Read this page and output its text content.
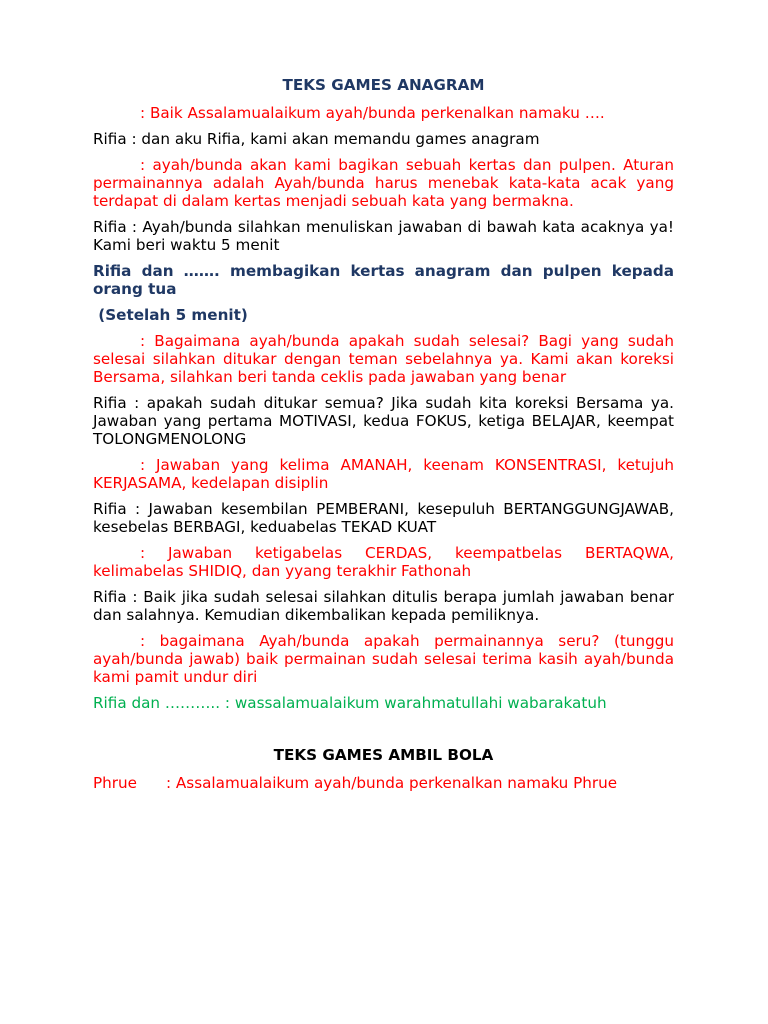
TEKS GAMES ANAGRAM

: Baik Assalamualaikum ayah/bunda perkenalkan namaku ….

Rifia : dan aku Rifia, kami akan memandu games anagram

: ayah/bunda akan kami bagikan sebuah kertas dan pulpen. Aturan permainannya adalah Ayah/bunda harus menebak kata-kata acak yang terdapat di dalam kertas menjadi sebuah kata yang bermakna.

Rifia : Ayah/bunda silahkan menuliskan jawaban di bawah kata acaknya ya! Kami beri waktu 5 menit

Rifia dan ……. membagikan kertas anagram dan pulpen kepada orang tua

(Setelah 5 menit)

: Bagaimana ayah/bunda apakah sudah selesai? Bagi yang sudah selesai silahkan ditukar dengan teman sebelahnya ya. Kami akan koreksi Bersama, silahkan beri tanda ceklis pada jawaban yang benar

Rifia : apakah sudah ditukar semua? Jika sudah kita koreksi Bersama ya. Jawaban yang pertama MOTIVASI, kedua FOKUS, ketiga BELAJAR, keempat TOLONGMENOLONG

: Jawaban yang kelima AMANAH, keenam KONSENTRASI, ketujuh KERJASAMA, kedelapan disiplin

Rifia : Jawaban kesembilan PEMBERANI, kesepuluh BERTANGGUNGJAWAB, kesebelas BERBAGI, keduabelas TEKAD KUAT

: Jawaban ketigabelas CERDAS, keempatbelas BERTAQWA, kelimabelas SHIDIQ, dan yyang terakhir Fathonah

Rifia : Baik jika sudah selesai silahkan ditulis berapa jumlah jawaban benar dan salahnya. Kemudian dikembalikan kepada pemiliknya.

: bagaimana Ayah/bunda apakah permainannya seru? (tunggu ayah/bunda jawab) baik permainan sudah selesai terima kasih ayah/bunda kami pamit undur diri

Rifia dan ……….. : wassalamualaikum warahmatullahi wabarakatuh

TEKS GAMES AMBIL BOLA

Phrue      : Assalamualaikum ayah/bunda perkenalkan namaku Phrue
